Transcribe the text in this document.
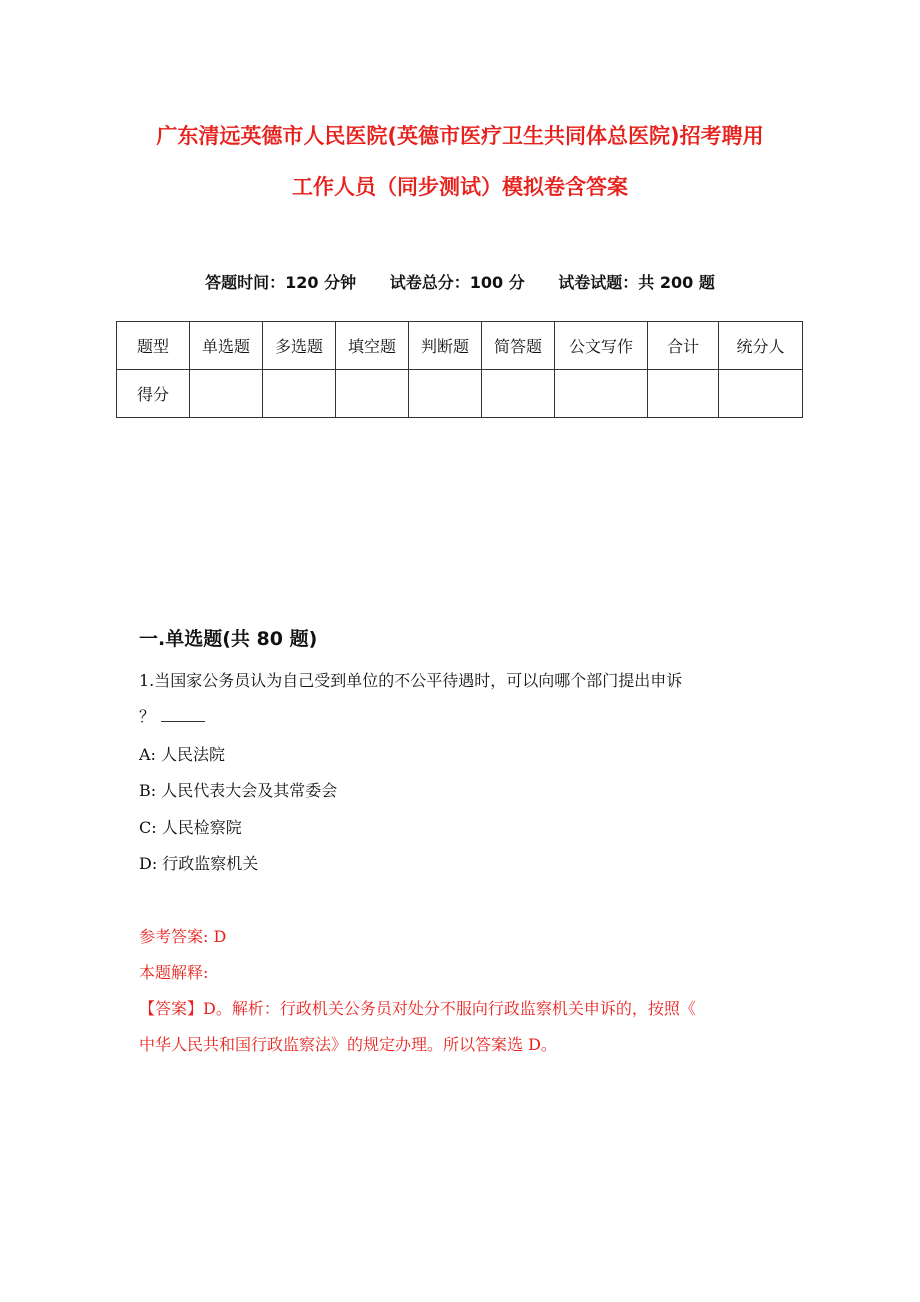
广东清远英德市人民医院(英德市医疗卫生共同体总医院)招考聘用
工作人员（同步测试）模拟卷含答案
答题时间：120 分钟 试卷总分：100 分 试卷试题：共 200 题
题型	单选题	多选题	填空题	判断题	简答题	公文写作	合计	统分人
得分								
一.单选题(共 80 题)
1.当国家公务员认为自己受到单位的不公平待遇时，可以向哪个部门提出申诉
？
A: 人民法院
B: 人民代表大会及其常委会
C: 人民检察院
D: 行政监察机关
参考答案: D
本题解释:
【答案】D。解析：行政机关公务员对处分不服向行政监察机关申诉的，按照《
中华人民共和国行政监察法》的规定办理。所以答案选 D。
